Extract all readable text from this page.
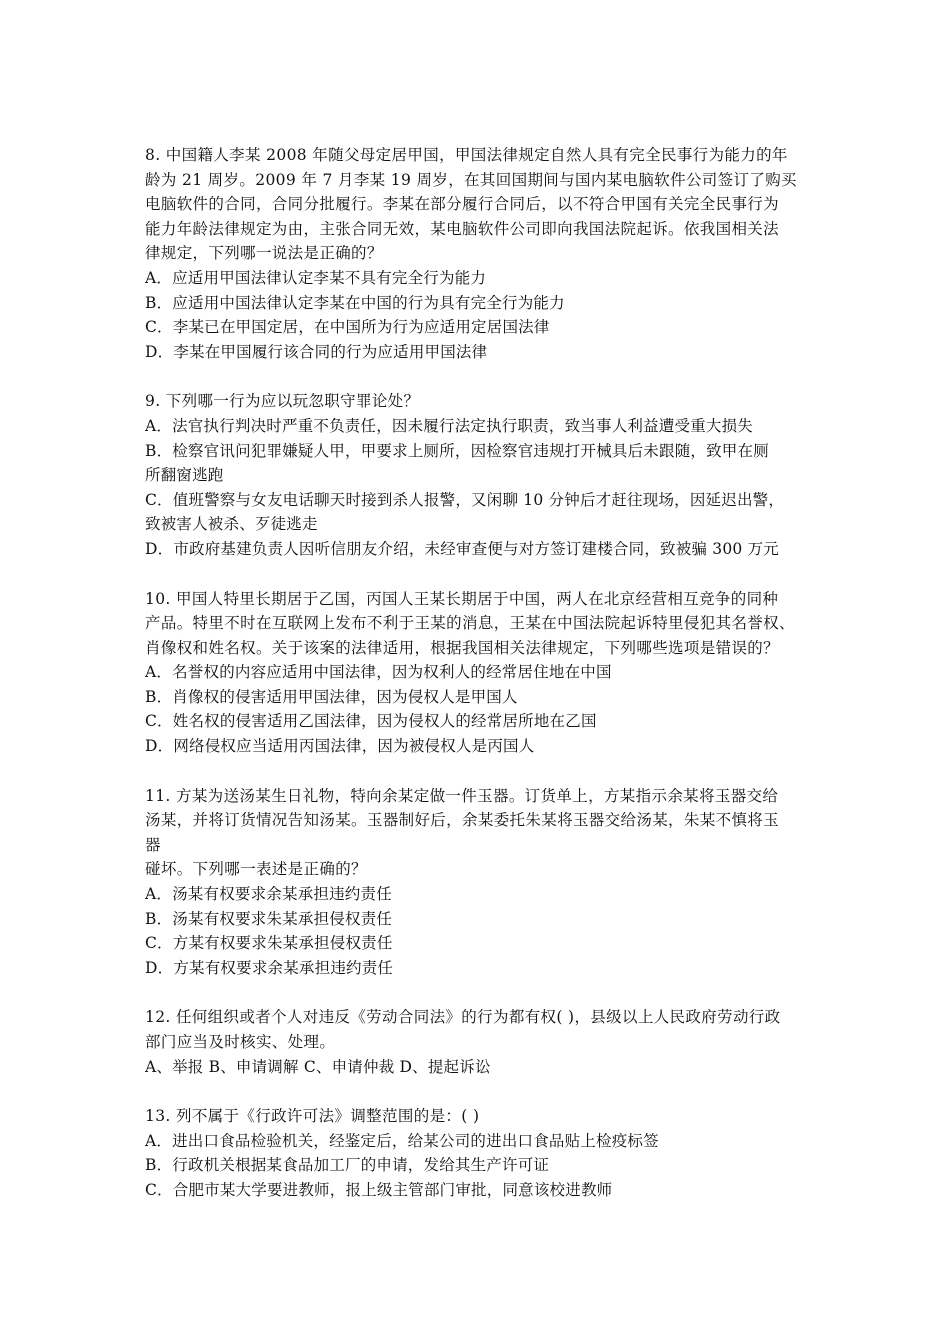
8. 中国籍人李某 2008 年随父母定居甲国，甲国法律规定自然人具有完全民事行为能力的年
龄为 21 周岁。2009 年 7 月李某 19 周岁，在其回国期间与国内某电脑软件公司签订了购买
电脑软件的合同，合同分批履行。李某在部分履行合同后，以不符合甲国有关完全民事行为
能力年龄法律规定为由，主张合同无效，某电脑软件公司即向我国法院起诉。依我国相关法
律规定，下列哪一说法是正确的？
A．应适用甲国法律认定李某不具有完全行为能力
B．应适用中国法律认定李某在中国的行为具有完全行为能力
C．李某已在甲国定居，在中国所为行为应适用定居国法律
D．李某在甲国履行该合同的行为应适用甲国法律
9. 下列哪一行为应以玩忽职守罪论处？
A．法官执行判决时严重不负责任，因未履行法定执行职责，致当事人利益遭受重大损失
B．检察官讯问犯罪嫌疑人甲，甲要求上厕所，因检察官违规打开械具后未跟随，致甲在厕
所翻窗逃跑
C．值班警察与女友电话聊天时接到杀人报警，又闲聊 10 分钟后才赶往现场，因延迟出警，
致被害人被杀、歹徒逃走
D．市政府基建负责人因听信朋友介绍，未经审查便与对方签订建楼合同，致被骗 300 万元
10. 甲国人特里长期居于乙国，丙国人王某长期居于中国，两人在北京经营相互竞争的同种
产品。特里不时在互联网上发布不利于王某的消息，王某在中国法院起诉特里侵犯其名誉权、
肖像权和姓名权。关于该案的法律适用，根据我国相关法律规定，下列哪些选项是错误的？
A．名誉权的内容应适用中国法律，因为权利人的经常居住地在中国
B．肖像权的侵害适用甲国法律，因为侵权人是甲国人
C．姓名权的侵害适用乙国法律，因为侵权人的经常居所地在乙国
D．网络侵权应当适用丙国法律，因为被侵权人是丙国人
11. 方某为送汤某生日礼物，特向余某定做一件玉器。订货单上，方某指示余某将玉器交给
汤某，并将订货情况告知汤某。玉器制好后，余某委托朱某将玉器交给汤某，朱某不慎将玉
器
碰坏。下列哪一表述是正确的？
A．汤某有权要求余某承担违约责任
B．汤某有权要求朱某承担侵权责任
C．方某有权要求朱某承担侵权责任
D．方某有权要求余某承担违约责任
12. 任何组织或者个人对违反《劳动合同法》的行为都有权( )，县级以上人民政府劳动行政
部门应当及时核实、处理。
A、举报 B、申请调解 C、申请仲裁 D、提起诉讼
13. 列不属于《行政许可法》调整范围的是：( )
A．进出口食品检验机关，经鉴定后，给某公司的进出口食品贴上检疫标签
B．行政机关根据某食品加工厂的申请，发给其生产许可证
C．合肥市某大学要进教师，报上级主管部门审批，同意该校进教师
